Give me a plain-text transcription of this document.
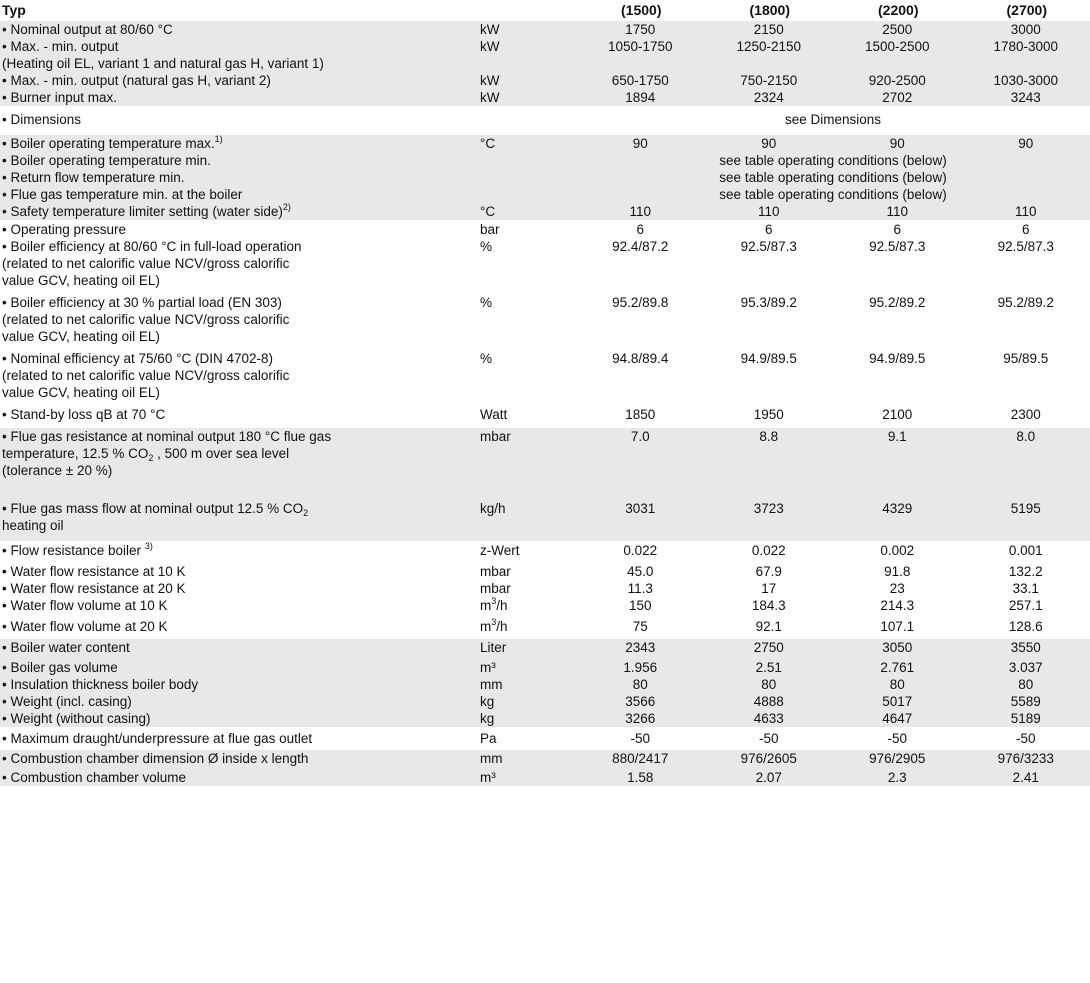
Typ		(1500)	(1800)	(2200)	(2700)
• Nominal output at 80/60 °C	kW	1750	2150	2500	3000

• Max. - min. output
(Heating oil EL, variant 1 and natural gas H, variant 1)	kW	1050-1750	1250-2150	1500-2500	1780-3000
• Max. - min. output (natural gas H, variant 2)	kW	650-1750	750-2150	920-2500	1030-3000
• Burner input max.	kW	1894	2324	2702	3243
• Dimensions		see Dimensions			
• Boiler operating temperature max.$^{1)}$	°C	90	90	90	90
• Boiler operating temperature min.		see table operating conditions (below)			
• Return flow temperature min.		see table operating conditions (below)			
• Flue gas temperature min. at the boiler		see table operating conditions (below)			
• Safety temperature limiter setting (water side)$^{2)}$	°C	110	110	110	110
• Operating pressure	bar	6	6	6	6

• Boiler efficiency at 80/60 °C in full-load operation
(related to net calorific value NCV/gross calorific
value GCV, heating oil EL)	%	92.4/87.2	92.5/87.3	92.5/87.3	92.5/87.3

• Boiler efficiency at 30 % partial load (EN 303)
(related to net calorific value NCV/gross calorific
value GCV, heating oil EL)	%	95.2/89.8	95.3/89.2	95.2/89.2	95.2/89.2

• Nominal efficiency at 75/60 °C (DIN 4702-8)
(related to net calorific value NCV/gross calorific
value GCV, heating oil EL)	%	94.8/89.4	94.9/89.5	94.9/89.5	95/89.5
• Stand-by loss qB at 70 °C	Watt	1850	1950	2100	2300

• Flue gas resistance at nominal output 180 °C flue gas
temperature, 12.5 % $CO_2$ , 500 m over sea level
(tolerance ± 20 %)	mbar	7.0	8.8	9.1	8.0

• Flue gas mass flow at nominal output 12.5 % $CO_2$
heating oil	kg/h	3031	3723	4329	5195
• Flow resistance boiler $^{3)}$	z-Wert	0.022	0.022	0.002	0.001
• Water flow resistance at 10 K	mbar	45.0	67.9	91.8	132.2
• Water flow resistance at 20 K	mbar	11.3	17	23	33.1
• Water flow volume at 10 K	$m^3/h$	150	184.3	214.3	257.1
• Water flow volume at 20 K	$m^3/h$	75	92.1	107.1	128.6
• Boiler water content	Liter	2343	2750	3050	3550
• Boiler gas volume	m³	1.956	2.51	2.761	3.037
• Insulation thickness boiler body	mm	80	80	80	80
• Weight (incl. casing)	kg	3566	4888	5017	5589
• Weight (without casing)	kg	3266	4633	4647	5189
• Maximum draught/underpressure at flue gas outlet	Pa	-50	-50	-50	-50
• Combustion chamber dimension Ø inside x length	mm	880/2417	976/2605	976/2905	976/3233
• Combustion chamber volume	m³	1.58	2.07	2.3	2.41
